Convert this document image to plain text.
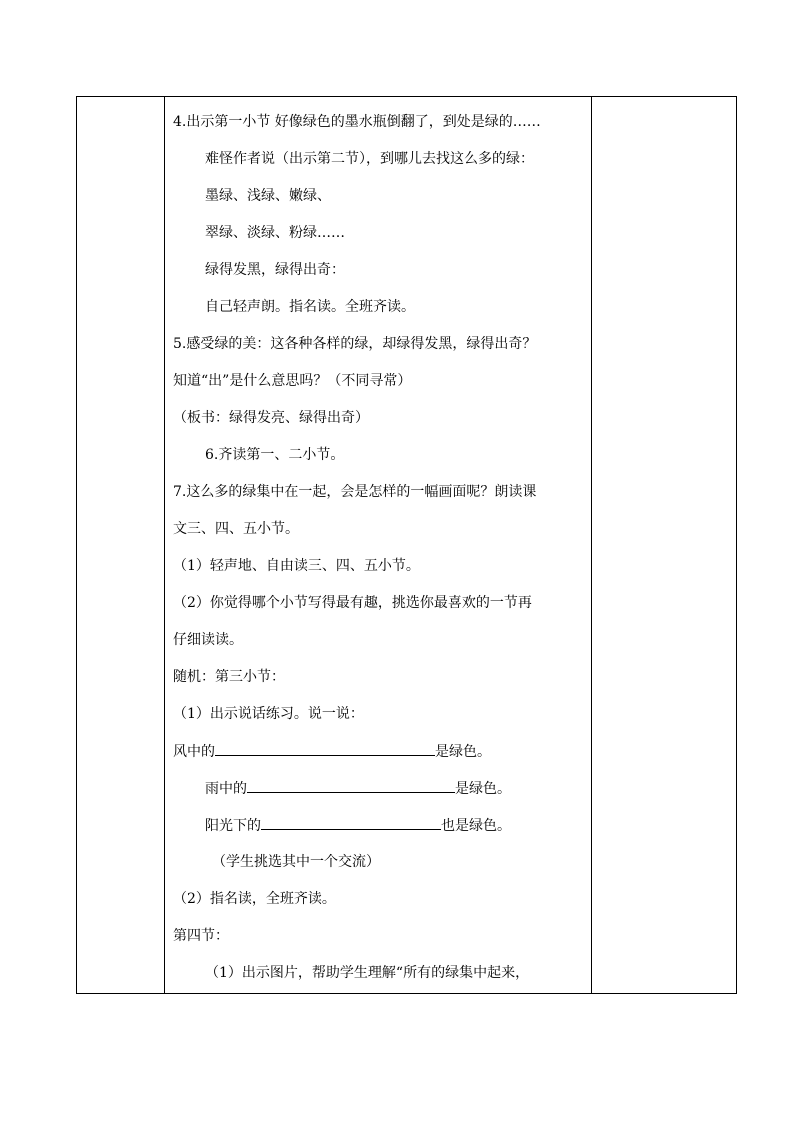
4.出示第一小节 好像绿色的墨水瓶倒翻了，到处是绿的……
难怪作者说（出示第二节），到哪儿去找这么多的绿：
墨绿、浅绿、嫩绿、
翠绿、淡绿、粉绿……
绿得发黑，绿得出奇：
自己轻声朗。指名读。全班齐读。
5.感受绿的美：这各种各样的绿，却绿得发黑，绿得出奇？
知道“出”是什么意思吗？（不同寻常）
（板书：绿得发亮、绿得出奇）
6.齐读第一、二小节。
7.这么多的绿集中在一起，会是怎样的一幅画面呢？朗读课
文三、四、五小节。
（1）轻声地、自由读三、四、五小节。
（2）你觉得哪个小节写得最有趣，挑选你最喜欢的一节再
仔细读读。
随机：第三小节：
（1）出示说话练习。说一说：
风中的	是绿色。
雨中的	是绿色。
阳光下的	也是绿色。
（学生挑选其中一个交流）
（2）指名读，全班齐读。
第四节：
（1）出示图片，帮助学生理解“所有的绿集中起来，
